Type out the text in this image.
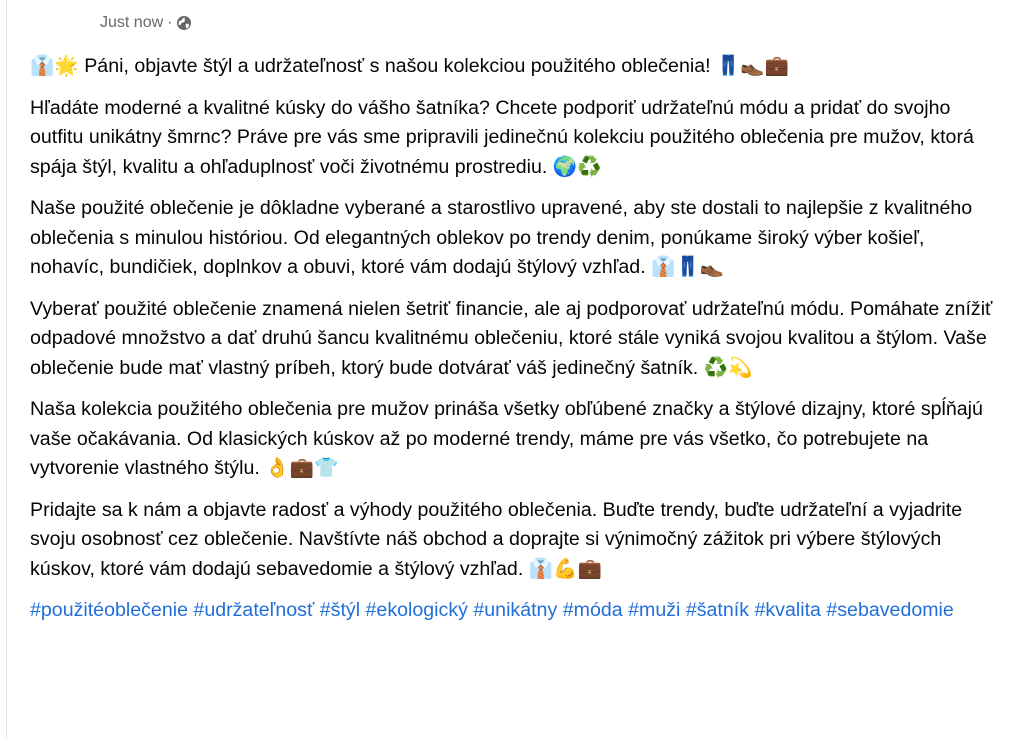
Just now ·

👔🌟 Páni, objavte štýl a udržateľnosť s našou kolekciou použitého oblečenia! 👖👞💼

Hľadáte moderné a kvalitné kúsky do vášho šatníka? Chcete podporiť udržateľnú módu a pridať do svojho outfitu unikátny šmrnc? Práve pre vás sme pripravili jedinečnú kolekciu použitého oblečenia pre mužov, ktorá spája štýl, kvalitu a ohľaduplnosť voči životnému prostrediu. 🌍♻️

Naše použité oblečenie je dôkladne vyberané a starostlivo upravené, aby ste dostali to najlepšie z kvalitného oblečenia s minulou históriou. Od elegantných oblekov po trendy denim, ponúkame široký výber košieľ, nohavíc, bundičiek, doplnkov a obuvi, ktoré vám dodajú štýlový vzhľad. 👔👖👞

Vyberať použité oblečenie znamená nielen šetriť financie, ale aj podporovať udržateľnú módu. Pomáhate znížiť odpadové množstvo a dať druhú šancu kvalitnému oblečeniu, ktoré stále vyniká svojou kvalitou a štýlom. Vaše oblečenie bude mať vlastný príbeh, ktorý bude dotvárať váš jedinečný šatník. ♻️💫

Naša kolekcia použitého oblečenia pre mužov prináša všetky obľúbené značky a štýlové dizajny, ktoré spĺňajú vaše očakávania. Od klasických kúskov až po moderné trendy, máme pre vás všetko, čo potrebujete na vytvorenie vlastného štýlu. 👌💼👕

Pridajte sa k nám a objavte radosť a výhody použitého oblečenia. Buďte trendy, buďte udržateľní a vyjadrite svoju osobnosť cez oblečenie. Navštívte náš obchod a doprajte si výnimočný zážitok pri výbere štýlových kúskov, ktoré vám dodajú sebavedomie a štýlový vzhľad. 👔💪💼

#použitéoblečenie #udržateľnosť #štýl #ekologický #unikátny #móda #muži #šatník #kvalita #sebavedomie
